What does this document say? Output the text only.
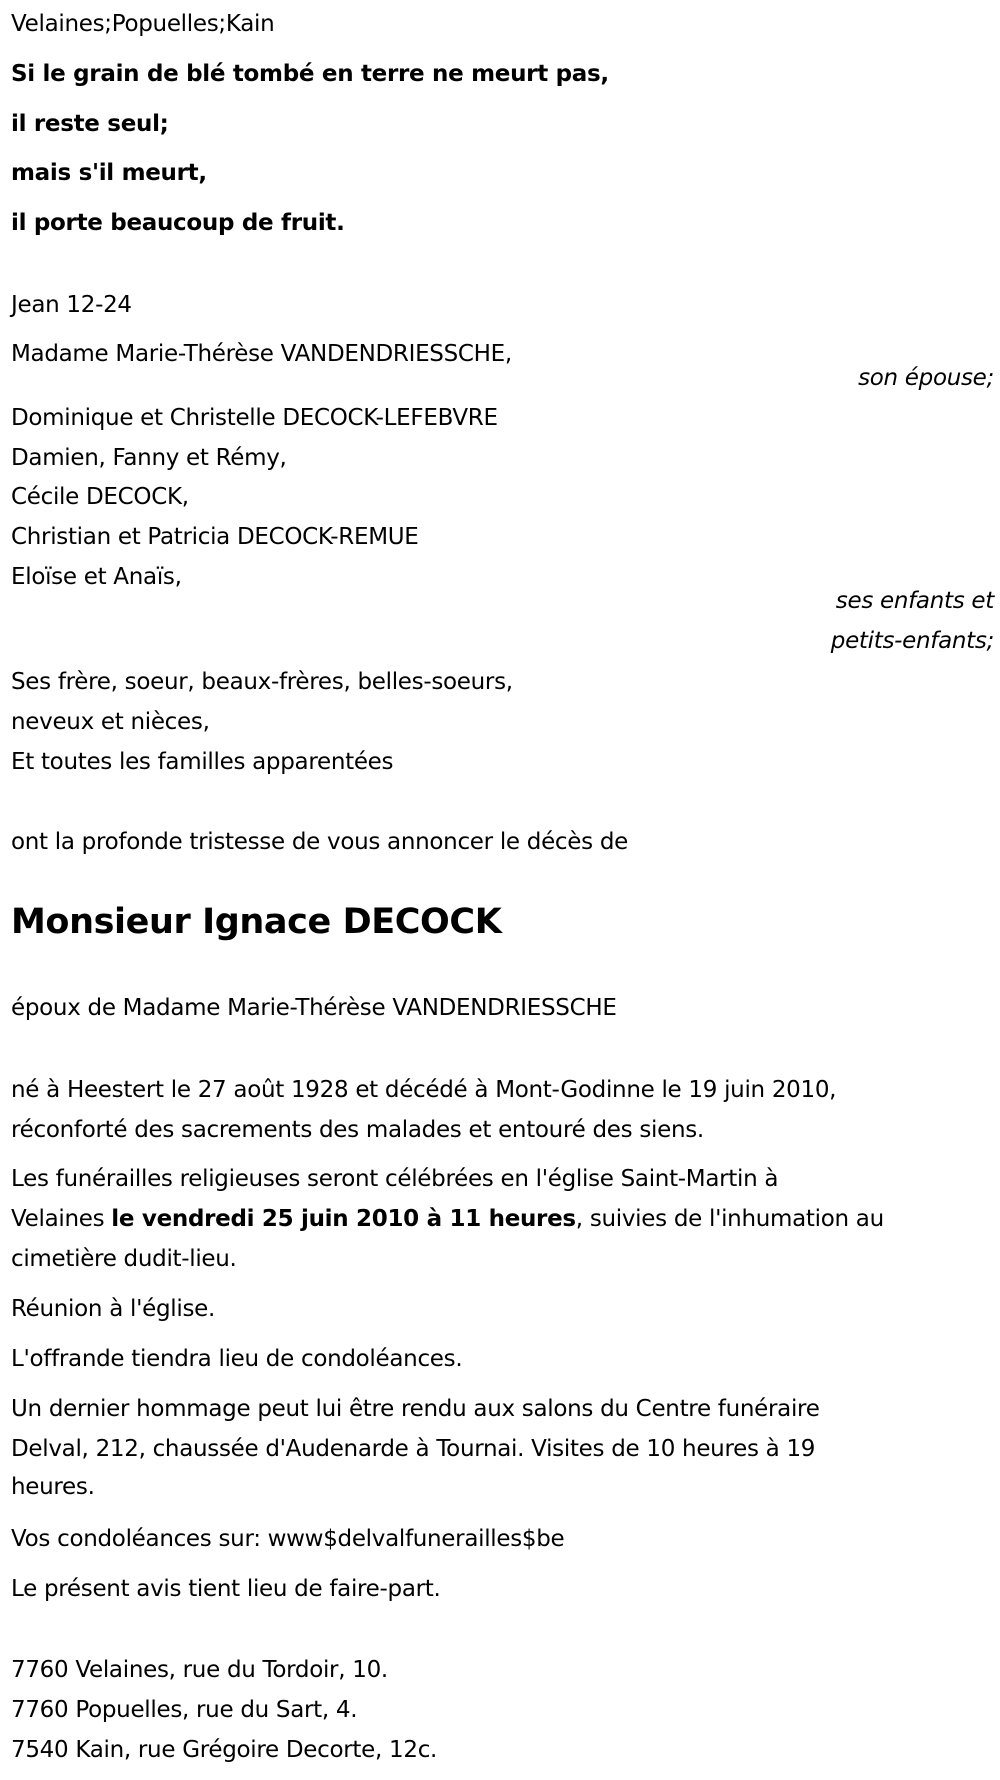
Velaines;Popuelles;Kain
Si le grain de blé tombé en terre ne meurt pas,
il reste seul;
mais s'il meurt,
il porte beaucoup de fruit.
Jean 12-24
Madame Marie-Thérèse VANDENDRIESSCHE,
son épouse;
Dominique et Christelle DECOCK-LEFEBVRE
Damien, Fanny et Rémy,
Cécile DECOCK,
Christian et Patricia DECOCK-REMUE
Eloïse et Anaïs,
ses enfants et
petits-enfants;
Ses frère, soeur, beaux-frères, belles-soeurs,
neveux et nièces,
Et toutes les familles apparentées
ont la profonde tristesse de vous annoncer le décès de
Monsieur Ignace DECOCK
époux de Madame Marie-Thérèse VANDENDRIESSCHE
né à Heestert le 27 août 1928 et décédé à Mont-Godinne le 19 juin 2010,
réconforté des sacrements des malades et entouré des siens.
Les funérailles religieuses seront célébrées en l'église Saint-Martin à
Velaines le vendredi 25 juin 2010 à 11 heures, suivies de l'inhumation au
cimetière dudit-lieu.
Réunion à l'église.
L'offrande tiendra lieu de condoléances.
Un dernier hommage peut lui être rendu aux salons du Centre funéraire
Delval, 212, chaussée d'Audenarde à Tournai. Visites de 10 heures à 19
heures.
Vos condoléances sur: www$delvalfunerailles$be
Le présent avis tient lieu de faire-part.
7760 Velaines, rue du Tordoir, 10.
7760 Popuelles, rue du Sart, 4.
7540 Kain, rue Grégoire Decorte, 12c.
